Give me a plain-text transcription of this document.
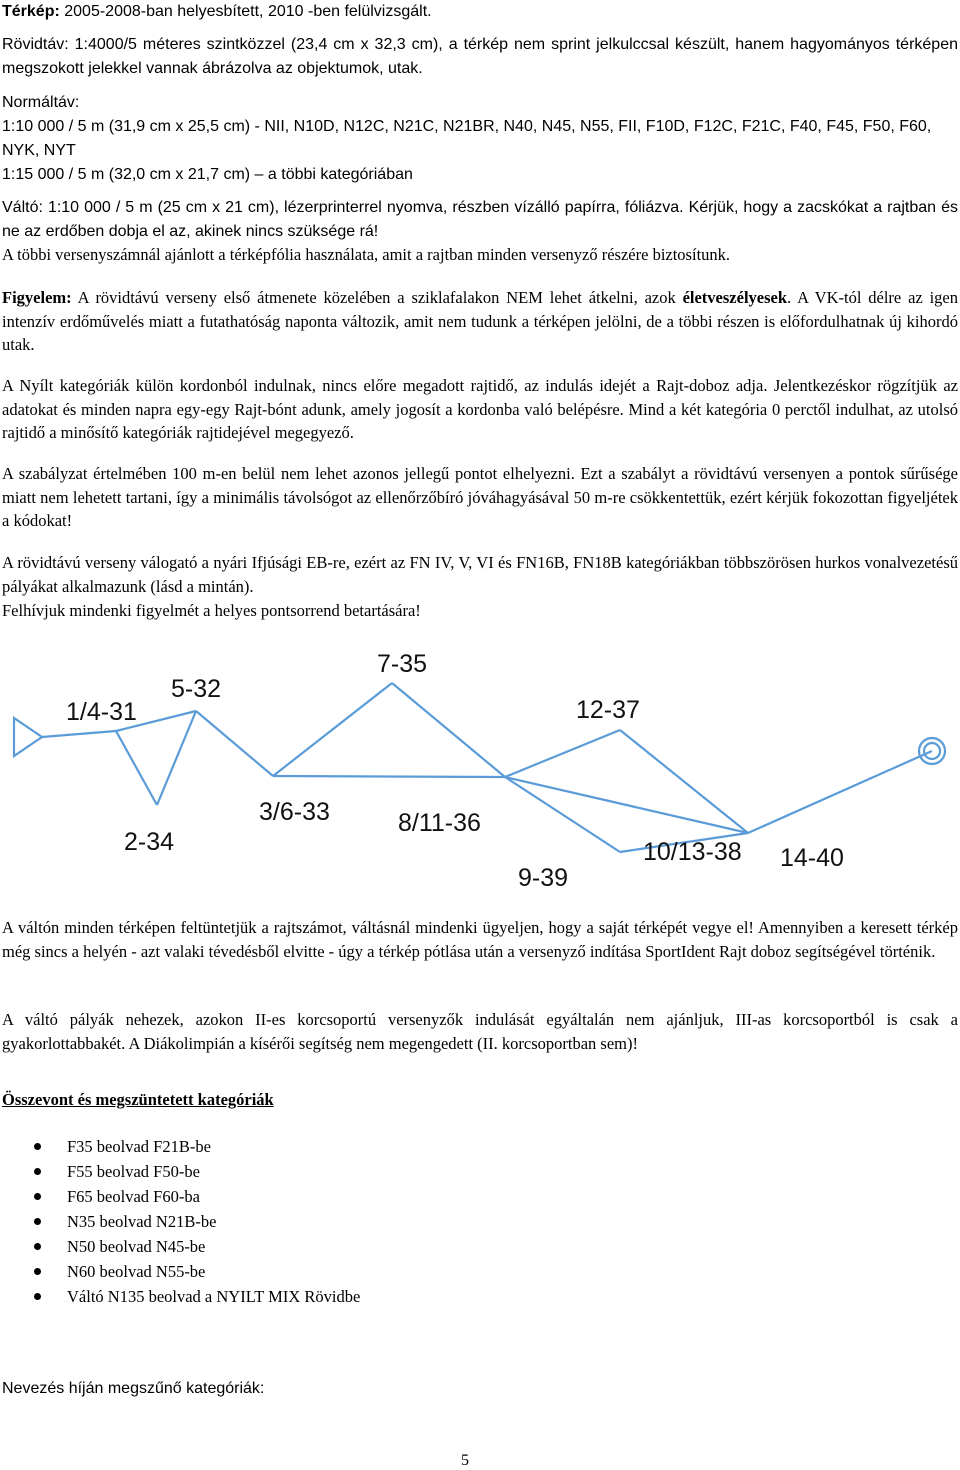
Térkép: 2005-2008-ban helyesbített, 2010 -ben felülvizsgált.

Rövidtáv: 1:4000/5 méteres szintközzel (23,4 cm x 32,3 cm), a térkép nem sprint jelkulccsal készült, hanem hagyományos térképen megszokott jelekkel vannak ábrázolva az objektumok, utak.

Normáltáv:
1:10 000 / 5 m (31,9 cm x 25,5 cm) - NII, N10D, N12C, N21C, N21BR, N40, N45, N55, FII, F10D, F12C, F21C, F40, F45, F50, F60, NYK, NYT
1:15 000 / 5 m (32,0 cm x 21,7 cm) – a többi kategóriában

Váltó: 1:10 000 / 5 m (25 cm x 21 cm), lézerprinterrel nyomva, részben vízálló papírra, fóliázva. Kérjük, hogy a zacskókat a rajtban és ne az erdőben dobja el az, akinek nincs szüksége rá!

A többi versenyszámnál ajánlott a térképfólia használata, amit a rajtban minden versenyző részére biztosítunk.

Figyelem: A rövidtávú verseny első átmenete közelében a sziklafalakon NEM lehet átkelni, azok életveszélyesek. A VK-tól délre az igen intenzív erdőművelés miatt a futathatóság naponta változik, amit nem tudunk a térképen jelölni, de a többi részen is előfordulhatnak új kihordó utak.

A Nyílt kategóriák külön kordonból indulnak, nincs előre megadott rajtidő, az indulás idejét a Rajt-doboz adja. Jelentkezéskor rögzítjük az adatokat és minden napra egy-egy Rajt-bónt adunk, amely jogosít a kordonba való belépésre. Mind a két kategória 0 perctől indulhat, az utolsó rajtidő a minősítő kategóriák rajtidejével megegyező.

A szabályzat értelmében 100 m-en belül nem lehet azonos jellegű pontot elhelyezni. Ezt a szabályt a rövidtávú versenyen a pontok sűrűsége miatt nem lehetett tartani, így a minimális távolsógot az ellenőrzőbíró jóváhagyásával 50 m-re csökkentettük, ezért kérjük fokozottan figyeljétek a kódokat!

A rövidtávú verseny válogató a nyári Ifjúsági EB-re, ezért az FN IV, V, VI és FN16B, FN18B kategóriákban többszörösen hurkos vonalvezetésű pályákat alkalmazunk (lásd a mintán).

Felhívjuk mindenki figyelmét a helyes pontsorrend betartására!

1/4-31
5-32
2-34
3/6-33
7-35
8/11-36
9-39
12-37
10/13-38 14-40

A váltón minden térképen feltüntetjük a rajtszámot, váltásnál mindenki ügyeljen, hogy a saját térképét vegye el! Amennyiben a keresett térkép még sincs a helyén - azt valaki tévedésből elvitte - úgy a térkép pótlása után a versenyző indítása SportIdent Rajt doboz segítségével történik.

A váltó pályák nehezek, azokon II-es korcsoportú versenyzők indulását egyáltalán nem ajánljuk, III-as korcsoportból is csak a gyakorlottabbakét. A Diákolimpián a kísérői segítség nem megengedett (II. korcsoportban sem)!

Összevont és megszüntetett kategóriák

F35 beolvad F21B-be
F55 beolvad F50-be
F65 beolvad F60-ba
N35 beolvad N21B-be
N50 beolvad N45-be
N60 beolvad N55-be
Váltó N135 beolvad a NYILT MIX Rövidbe

Nevezés híján megszűnő kategóriák:

5
